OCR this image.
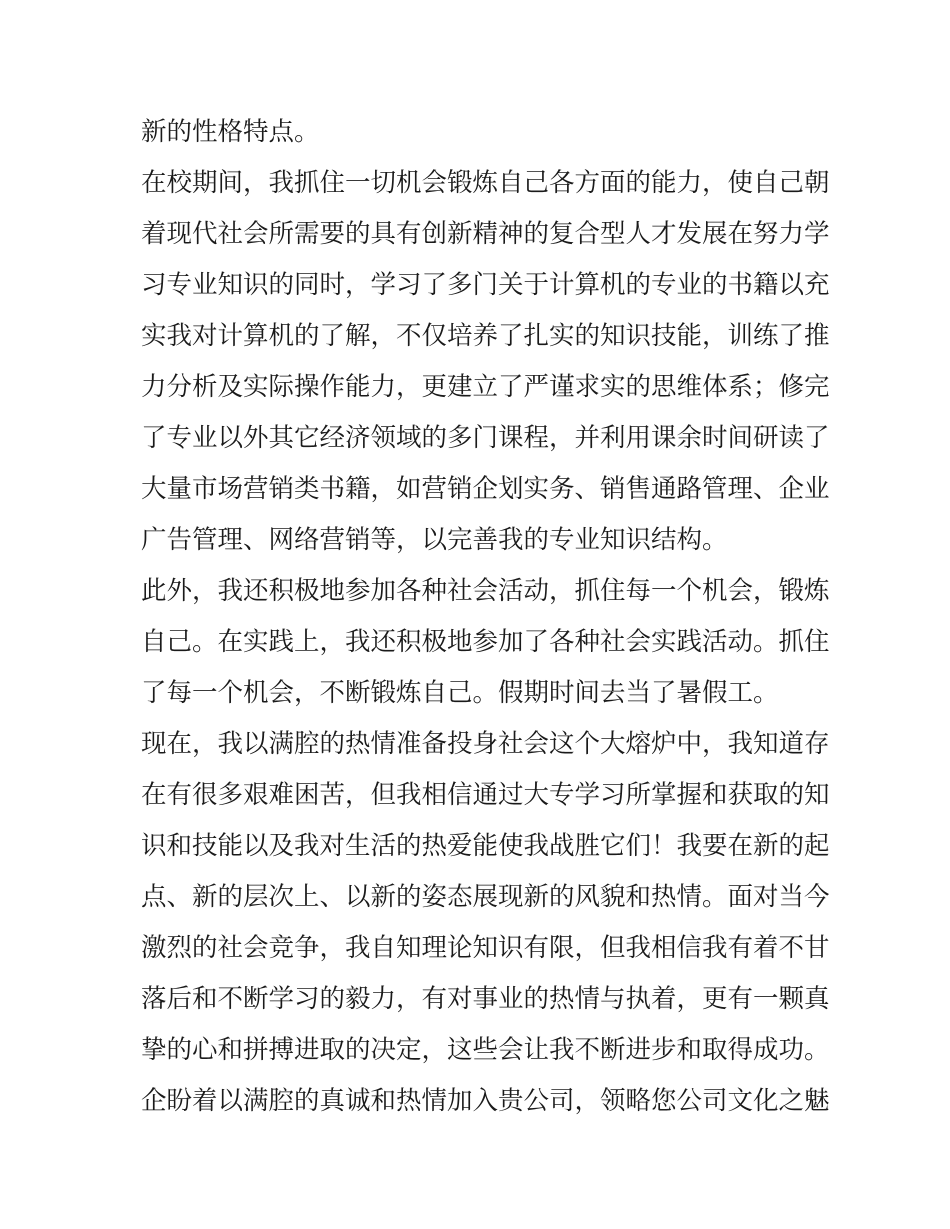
新的性格特点。
在校期间，我抓住一切机会锻炼自己各方面的能力，使自己朝
着现代社会所需要的具有创新精神的复合型人才发展在努力学
习专业知识的同时，学习了多门关于计算机的专业的书籍以充
实我对计算机的了解，不仅培养了扎实的知识技能，训练了推
力分析及实际操作能力，更建立了严谨求实的思维体系；修完
了专业以外其它经济领域的多门课程，并利用课余时间研读了
大量市场营销类书籍，如营销企划实务、销售通路管理、企业
广告管理、网络营销等，以完善我的专业知识结构。
此外，我还积极地参加各种社会活动，抓住每一个机会，锻炼
自己。在实践上，我还积极地参加了各种社会实践活动。抓住
了每一个机会，不断锻炼自己。假期时间去当了暑假工。
现在，我以满腔的热情准备投身社会这个大熔炉中，我知道存
在有很多艰难困苦，但我相信通过大专学习所掌握和获取的知
识和技能以及我对生活的热爱能使我战胜它们！我要在新的起
点、新的层次上、以新的姿态展现新的风貌和热情。面对当今
激烈的社会竞争，我自知理论知识有限，但我相信我有着不甘
落后和不断学习的毅力，有对事业的热情与执着，更有一颗真
挚的心和拼搏进取的决定，这些会让我不断进步和取得成功。
企盼着以满腔的真诚和热情加入贵公司，领略您公司文化之魅
